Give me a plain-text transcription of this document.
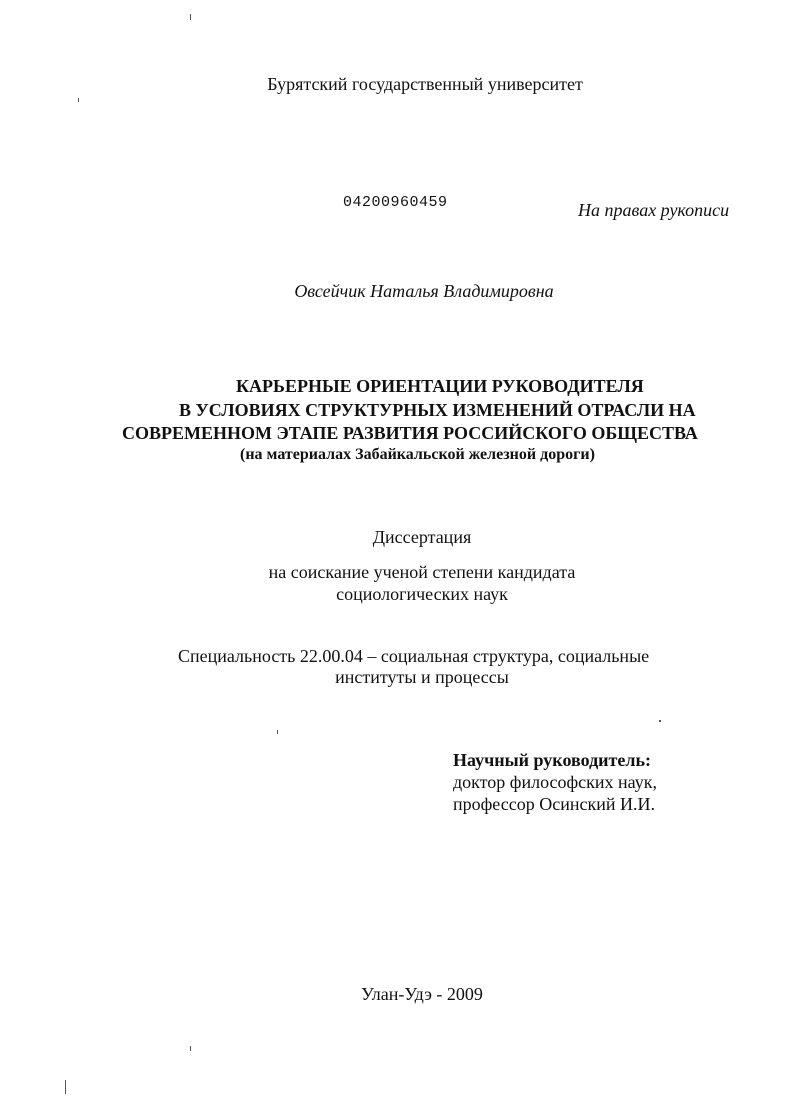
Бурятский государственный университет

04200960459	На правах рукописи

Овсейчик Наталья Владимировна

КАРЬЕРНЫЕ ОРИЕНТАЦИИ РУКОВОДИТЕЛЯ

В УСЛОВИЯХ СТРУКТУРНЫХ ИЗМЕНЕНИЙ ОТРАСЛИ НА

СОВРЕМЕННОМ ЭТАПЕ РАЗВИТИЯ РОССИЙСКОГО ОБЩЕСТВА

(на материалах Забайкальской железной дороги)

Диссертация

на соискание ученой степени кандидата

социологических наук

Специальность 22.00.04 – социальная структура, социальные

институты и процессы

Научный руководитель:

доктор философских наук,

профессор Осинский И.И.

Улан-Удэ - 2009
